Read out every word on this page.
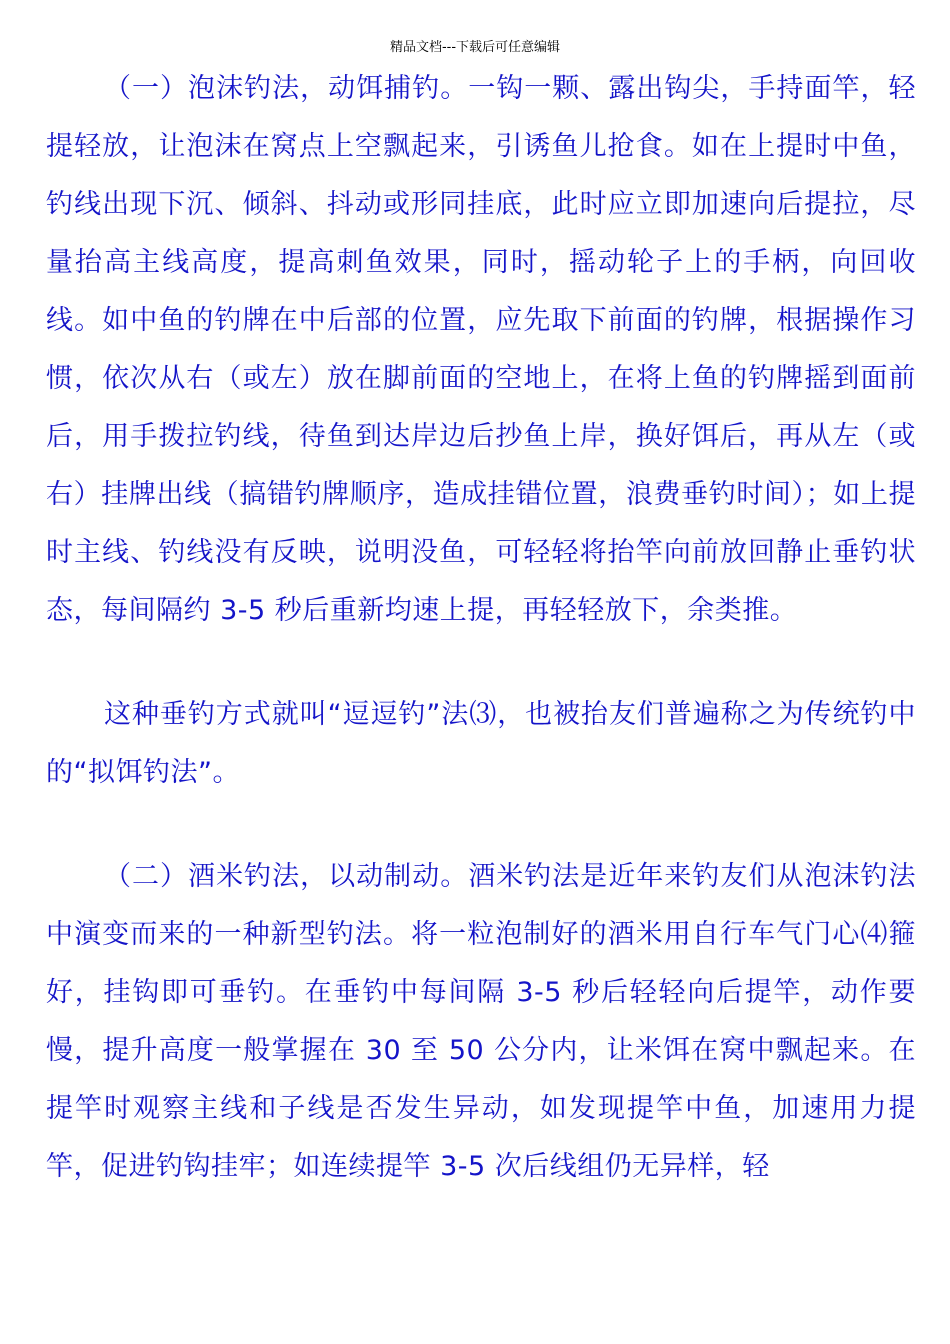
精品文档---下载后可任意编辑

（一）泡沫钓法，动饵捕钓。一钩一颗、露出钩尖，手持面竿，轻提轻放，让泡沫在窝点上空飘起来，引诱鱼儿抢食。如在上提时中鱼，钓线出现下沉、倾斜、抖动或形同挂底，此时应立即加速向后提拉，尽量抬高主线高度，提高刺鱼效果，同时，摇动轮子上的手柄，向回收线。如中鱼的钓牌在中后部的位置，应先取下前面的钓牌，根据操作习惯，依次从右（或左）放在脚前面的空地上，在将上鱼的钓牌摇到面前后，用手拨拉钓线，待鱼到达岸边后抄鱼上岸，换好饵后，再从左（或右）挂牌出线（搞错钓牌顺序，造成挂错位置，浪费垂钓时间）；如上提时主线、钓线没有反映，说明没鱼，可轻轻将抬竿向前放回静止垂钓状态，每间隔约 3-5 秒后重新均速上提，再轻轻放下，余类推。

这种垂钓方式就叫“逗逗钓”法⑶，也被抬友们普遍称之为传统钓中的“拟饵钓法”。

（二）酒米钓法，以动制动。酒米钓法是近年来钓友们从泡沫钓法中演变而来的一种新型钓法。将一粒泡制好的酒米用自行车气门心⑷箍好，挂钩即可垂钓。在垂钓中每间隔 3-5 秒后轻轻向后提竿，动作要慢，提升高度一般掌握在 30 至 50 公分内，让米饵在窝中飘起来。在提竿时观察主线和子线是否发生异动，如发现提竿中鱼，加速用力提竿，促进钓钩挂牢；如连续提竿 3-5 次后线组仍无异样，轻
